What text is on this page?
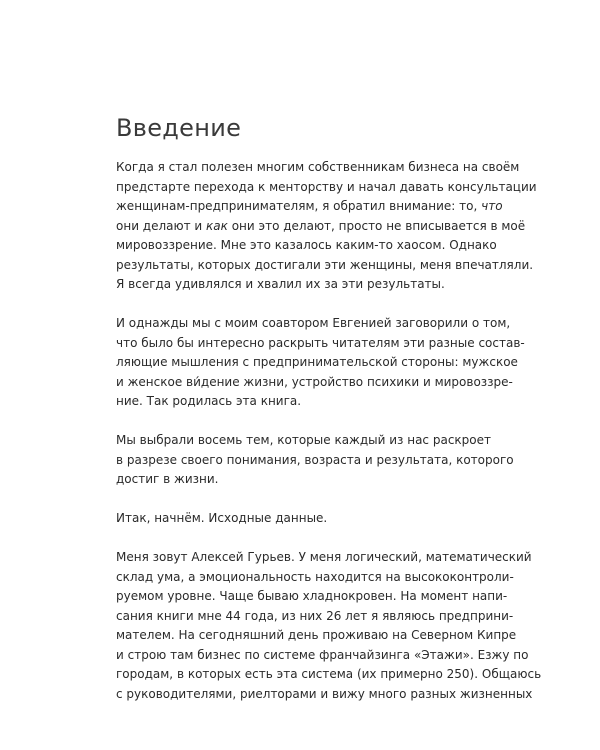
Введение

Когда я стал полезен многим собственникам бизнеса на своём
предстарте перехода к менторству и начал давать консультации
женщинам-предпринимателям, я обратил внимание: то, что
они делают и как они это делают, просто не вписывается в моё
мировоззрение. Мне это казалось каким-то хаосом. Однако
результаты, которых достигали эти женщины, меня впечатляли.
Я всегда удивлялся и хвалил их за эти результаты.

И однажды мы с моим соавтором Евгенией заговорили о том,
что было бы интересно раскрыть читателям эти разные состав-
ляющие мышления с предпринимательской стороны: мужское
и женское ви́дение жизни, устройство психики и мировоззре-
ние. Так родилась эта книга.

Мы выбрали восемь тем, которые каждый из нас раскроет
в разрезе своего понимания, возраста и результата, которого
достиг в жизни.

Итак, начнём. Исходные данные.

Меня зовут Алексей Гурьев. У меня логический, математический
склад ума, а эмоциональность находится на высококонтроли-
руемом уровне. Чаще бываю хладнокровен. На момент напи-
сания книги мне 44 года, из них 26 лет я являюсь предприни-
мателем. На сегодняшний день проживаю на Северном Кипре
и строю там бизнес по системе франчайзинга «Этажи». Езжу по
городам, в которых есть эта система (их примерно 250). Общаюсь
с руководителями, риелторами и вижу много разных жизненных
